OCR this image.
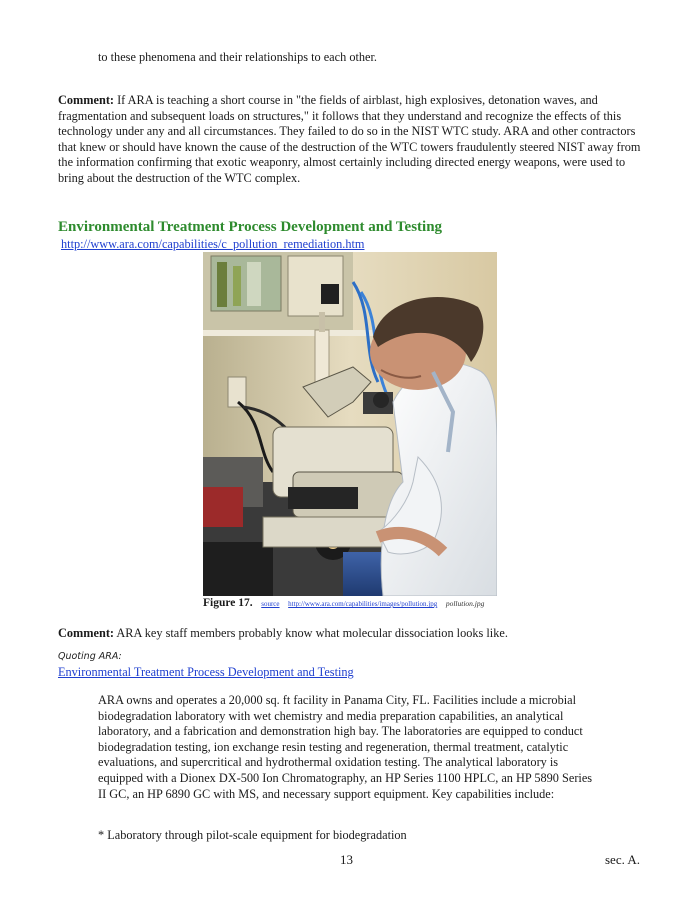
to these phenomena and their relationships to each other.
Comment: If ARA is teaching a short course in "the fields of airblast, high explosives, detonation waves, and fragmentation and subsequent loads on structures," it follows that they understand and recognize the effects of this technology under any and all circumstances. They failed to do so in the NIST WTC study. ARA and other contractors that knew or should have known the cause of the destruction of the WTC towers fraudulently steered NIST away from the information confirming that exotic weaponry, almost certainly including directed energy weapons, were used to bring about the destruction of the WTC complex.
Environmental Treatment Process Development and Testing
http://www.ara.com/capabilities/c_pollution_remediation.htm
Figure 17. source http://www.ara.com/capabilities/images/pollution.jpg pollution.jpg
Comment: ARA key staff members probably know what molecular dissociation looks like.
Quoting ARA:
Environmental Treatment Process Development and Testing
ARA owns and operates a 20,000 sq. ft facility in Panama City, FL. Facilities include a microbial biodegradation laboratory with wet chemistry and media preparation capabilities, an analytical laboratory, and a fabrication and demonstration high bay. The laboratories are equipped to conduct biodegradation testing, ion exchange resin testing and regeneration, thermal treatment, catalytic evaluations, and supercritical and hydrothermal oxidation testing. The analytical laboratory is equipped with a Dionex DX-500 Ion Chromatography, an HP Series 1100 HPLC, an HP 5890 Series II GC, an HP 6890 GC with MS, and necessary support equipment. Key capabilities include:
* Laboratory through pilot-scale equipment for biodegradation
13	sec. A.
